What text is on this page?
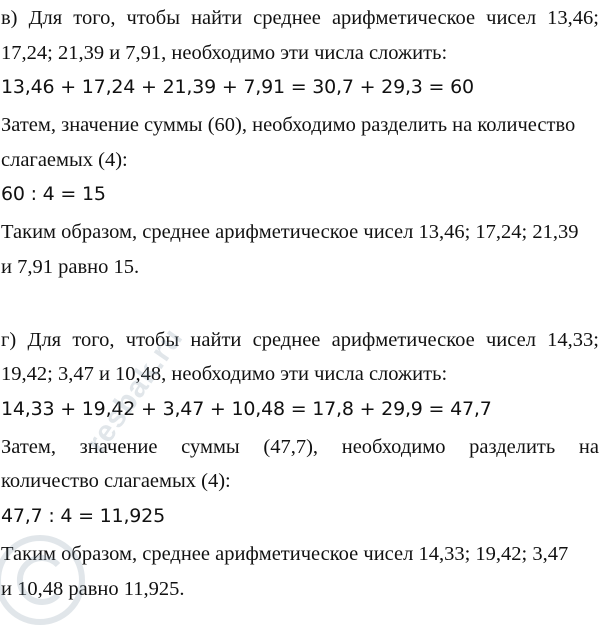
в) Для того, чтобы найти среднее арифметическое чисел 13,46;
17,24; 21,39 и 7,91, необходимо эти числа сложить:
13,46 + 17,24 + 21,39 + 7,91 = 30,7 + 29,3 = 60
Затем, значение суммы (60), необходимо разделить на количество
слагаемых (4):
60 : 4 = 15
Таким образом, среднее арифметическое чисел 13,46; 17,24; 21,39
и 7,91 равно 15.
г) Для того, чтобы найти среднее арифметическое чисел 14,33;
19,42; 3,47 и 10,48, необходимо эти числа сложить:
14,33 + 19,42 + 3,47 + 10,48 = 17,8 + 29,9 = 47,7
Затем, значение суммы (47,7), необходимо разделить на
количество слагаемых (4):
47,7 : 4 = 11,925
Таким образом, среднее арифметическое чисел 14,33; 19,42; 3,47
и 10,48 равно 11,925.
resbak.ru
